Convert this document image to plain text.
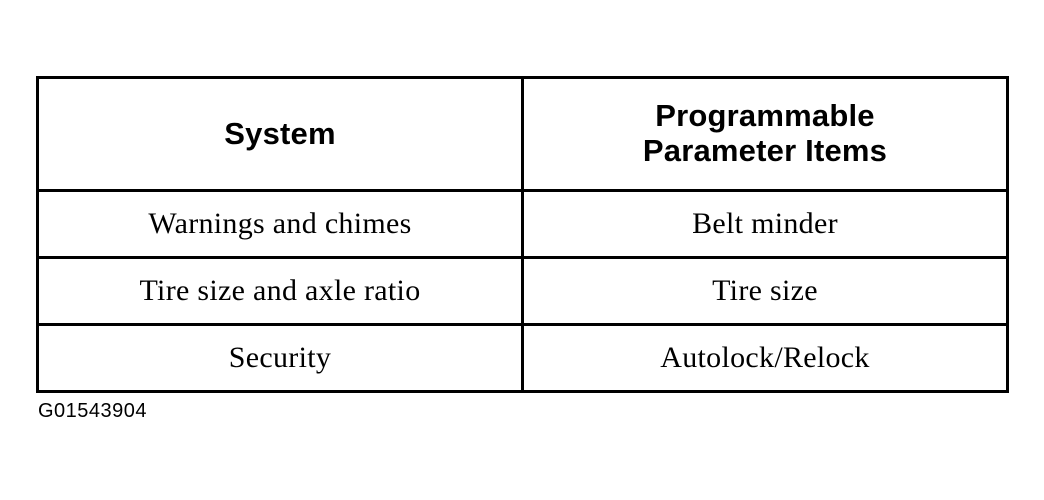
System	Programmable
Parameter Items

Warnings and chimes	Belt minder
Tire size and axle ratio	Tire size
Security	Autolock/Relock
G01543904
